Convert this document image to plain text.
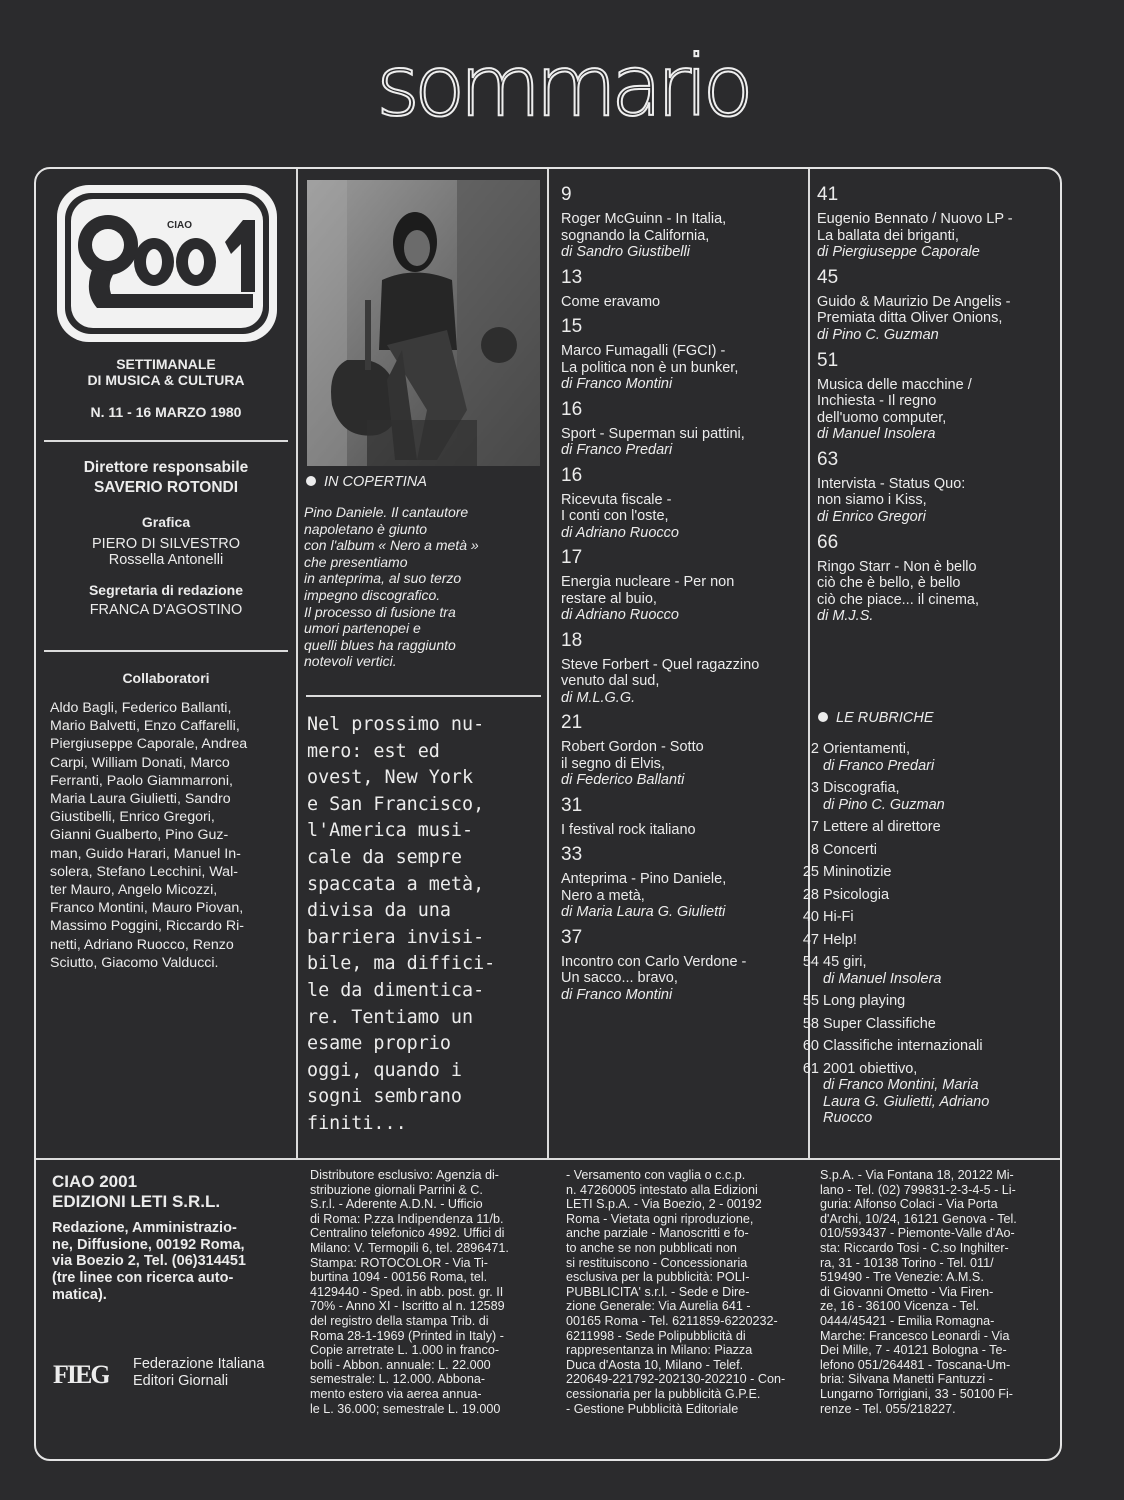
sommario
CIAO
SETTIMANALE
DI MUSICA & CULTURA
N. 11 - 16 MARZO 1980
Direttore responsabile
SAVERIO ROTONDI
Grafica
PIERO DI SILVESTRO
Rossella Antonelli
Segretaria di redazione
FRANCA D'AGOSTINO
Collaboratori
Aldo Bagli, Federico Ballanti,
Mario Balvetti, Enzo Caffarelli,
Piergiuseppe Caporale, Andrea
Carpi, William Donati, Marco
Ferranti, Paolo Giammarroni,
Maria Laura Giulietti, Sandro
Giustibelli, Enrico Gregori,
Gianni Gualberto, Pino Guz-
man, Guido Harari, Manuel In-
solera, Stefano Lecchini, Wal-
ter Mauro, Angelo Micozzi,
Franco Montini, Mauro Piovan,
Massimo Poggini, Riccardo Ri-
netti, Adriano Ruocco, Renzo
Sciutto, Giacomo Valducci.
IN COPERTINA
Pino Daniele. Il cantautore
napoletano è giunto
con l'album « Nero a metà »
che presentiamo
in anteprima, al suo terzo
impegno discografico.
Il processo di fusione tra
umori partenopei e
quelli blues ha raggiunto
notevoli vertici.
Nel prossimo nu-
mero: est ed
ovest, New York
e San Francisco,
l'America musi-
cale da sempre
spaccata a metà,
divisa da una
barriera invisi-
bile, ma diffici-
le da dimentica-
re. Tentiamo un
esame proprio
oggi, quando i
sogni sembrano
finiti...
9
Roger McGuinn - In Italia,
sognando la California,
di Sandro Giustibelli
13
Come eravamo
15
Marco Fumagalli (FGCI) -
La politica non è un bunker,
di Franco Montini
16
Sport - Superman sui pattini,
di Franco Predari
16
Ricevuta fiscale -
I conti con l'oste,
di Adriano Ruocco
17
Energia nucleare - Per non
restare al buio,
di Adriano Ruocco
18
Steve Forbert - Quel ragazzino
venuto dal sud,
di M.L.G.G.
21
Robert Gordon - Sotto
il segno di Elvis,
di Federico Ballanti
31
I festival rock italiano
33
Anteprima - Pino Daniele,
Nero a metà,
di Maria Laura G. Giulietti
37
Incontro con Carlo Verdone -
Un sacco... bravo,
di Franco Montini
41
Eugenio Bennato / Nuovo LP -
La ballata dei briganti,
di Piergiuseppe Caporale
45
Guido & Maurizio De Angelis -
Premiata ditta Oliver Onions,
di Pino C. Guzman
51
Musica delle macchine /
Inchiesta - Il regno
dell'uomo computer,
di Manuel Insolera
63
Intervista - Status Quo:
non siamo i Kiss,
di Enrico Gregori
66
Ringo Starr - Non è bello
ciò che è bello, è bello
ciò che piace... il cinema,
di M.J.S.
LE RUBRICHE
2 Orientamenti,
di Franco Predari
3 Discografia,
di Pino C. Guzman
7 Lettere al direttore
8 Concerti
25 Mininotizie
28 Psicologia
40 Hi-Fi
47 Help!
54 45 giri,
di Manuel Insolera
55 Long playing
58 Super Classifiche
60 Classifiche internazionali
61 2001 obiettivo,
di Franco Montini, Maria
Laura G. Giulietti, Adriano
Ruocco
CIAO 2001
EDIZIONI LETI S.R.L.
Redazione, Amministrazio-
ne, Diffusione, 00192 Roma,
via Boezio 2, Tel. (06)314451
(tre linee con ricerca auto-
matica).
FIEG Federazione Italiana
Editori Giornali
Distributore esclusivo: Agenzia di-
stribuzione giornali Parrini & C.
S.r.l. - Aderente A.D.N. - Ufficio
di Roma: P.zza Indipendenza 11/b.
Centralino telefonico 4992. Uffici di
Milano: V. Termopili 6, tel. 2896471.
Stampa: ROTOCOLOR - Via Ti-
burtina 1094 - 00156 Roma, tel.
4129440 - Sped. in abb. post. gr. II
70% - Anno XI - Iscritto al n. 12589
del registro della stampa Trib. di
Roma 28-1-1969 (Printed in Italy) -
Copie arretrate L. 1.000 in franco-
bolli - Abbon. annuale: L. 22.000
semestrale: L. 12.000. Abbona-
mento estero via aerea annua-
le L. 36.000; semestrale L. 19.000
- Versamento con vaglia o c.c.p.
n. 47260005 intestato alla Edizioni
LETI S.p.A. - Via Boezio, 2 - 00192
Roma - Vietata ogni riproduzione,
anche parziale - Manoscritti e fo-
to anche se non pubblicati non
si restituiscono - Concessionaria
esclusiva per la pubblicità: POLI-
PUBBLICITA' s.r.l. - Sede e Dire-
zione Generale: Via Aurelia 641 -
00165 Roma - Tel. 6211859-6220232-
6211998 - Sede Polipubblicità di
rappresentanza in Milano: Piazza
Duca d'Aosta 10, Milano - Telef.
220649-221792-202130-202210 - Con-
cessionaria per la pubblicità G.P.E.
- Gestione Pubblicità Editoriale
S.p.A. - Via Fontana 18, 20122 Mi-
lano - Tel. (02) 799831-2-3-4-5 - Li-
guria: Alfonso Colaci - Via Porta
d'Archi, 10/24, 16121 Genova - Tel.
010/593437 - Piemonte-Valle d'Ao-
sta: Riccardo Tosi - C.so Inghilter-
ra, 31 - 10138 Torino - Tel. 011/
519490 - Tre Venezie: A.M.S.
di Giovanni Ometto - Via Firen-
ze, 16 - 36100 Vicenza - Tel.
0444/45421 - Emilia Romagna-
Marche: Francesco Leonardi - Via
Dei Mille, 7 - 40121 Bologna - Te-
lefono 051/264481 - Toscana-Um-
bria: Silvana Manetti Fantuzzi -
Lungarno Torrigiani, 33 - 50100 Fi-
renze - Tel. 055/218227.
